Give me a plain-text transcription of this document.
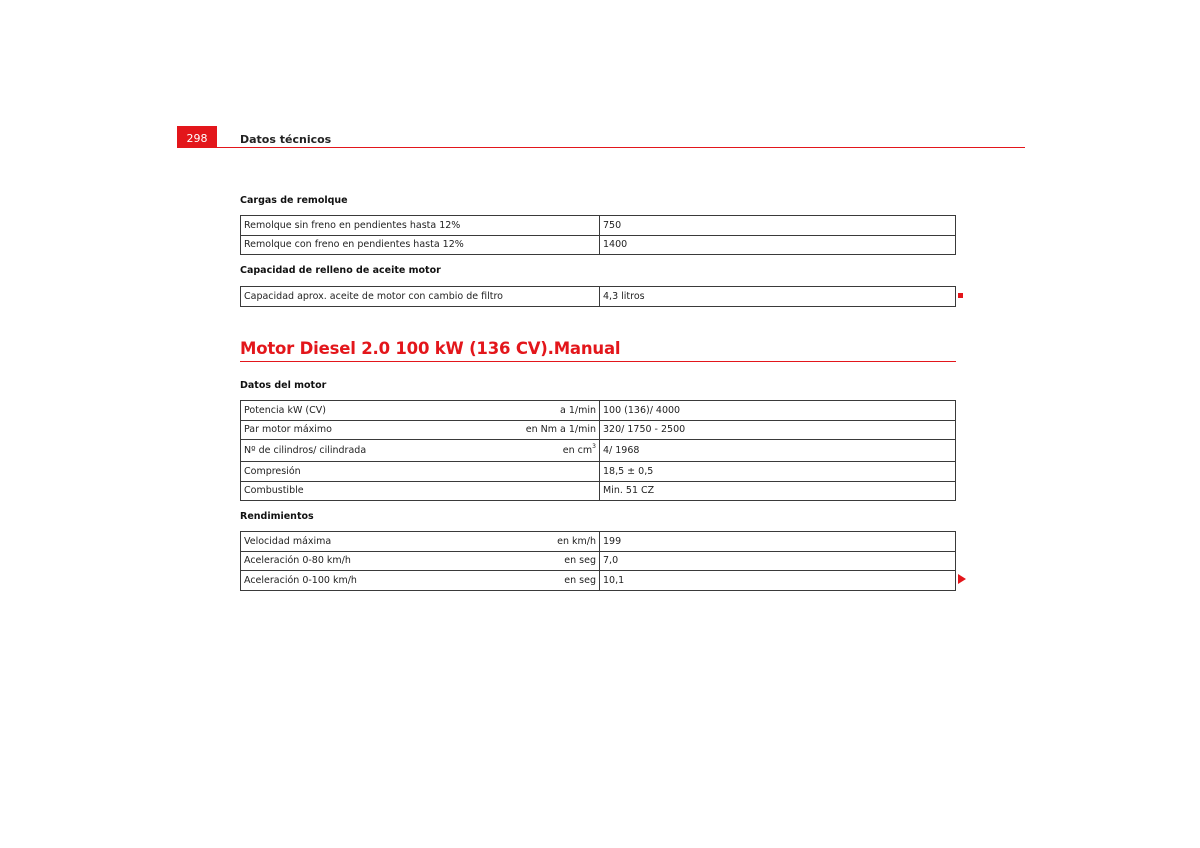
298	Datos técnicos
Cargas de remolque
Remolque sin freno en pendientes hasta 12%	750
Remolque con freno en pendientes hasta 12%	1400
Capacidad de relleno de aceite motor
Capacidad aprox. aceite de motor con cambio de filtro	4,3 litros
Motor Diesel 2.0 100 kW (136 CV).Manual
Datos del motor
Potencia kW (CV) a 1/min	100 (136)/ 4000
Par motor máximo en Nm a 1/min	320/ 1750 - 2500
Nº de cilindros/ cilindrada en $cm^3$	4/ 1968
Compresión	18,5 ± 0,5
Combustible	Min. 51 CZ
Rendimientos
Velocidad máxima en km/h	199
Aceleración 0-80 km/h en seg	7,0
Aceleración 0-100 km/h en seg	10,1
